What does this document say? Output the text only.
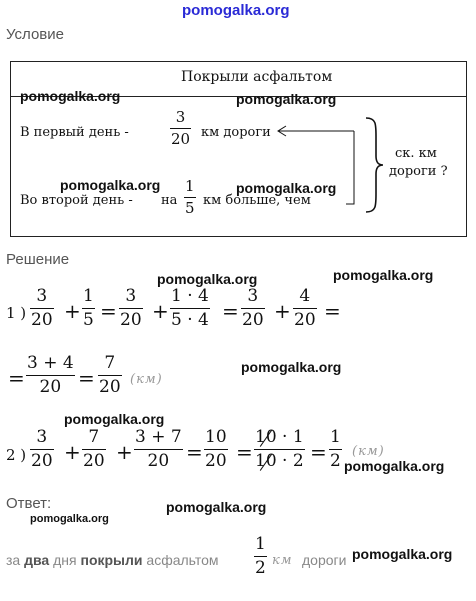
pomogalka.org
Условие
Покрыли асфальтом
pomogalka.org	pomogalka.org
В первый день -
3
20 км дороги
pomogalka.org	pomogalka.org
Во второй день - на
1
5 км больше, чем
ск. км
дороги ?
Решение
pomogalka.org	pomogalka.org
1 )
3
20 +
1
5 =
3
20 +
1 · 4
5 · 4 =
3
20 +
4
20 =
=
3 + 4
20 =
7
20 (км)
pomogalka.org
pomogalka.org
2 )
3
20 +
7
20 +
3 + 7
20 =
10
20 =
10 · 1
10 · 2 =
1
2 (км)
pomogalka.org
Ответ:	pomogalka.org
pomogalka.org
за два дня покрыли асфальтом
1
2 км дороги pomogalka.org
